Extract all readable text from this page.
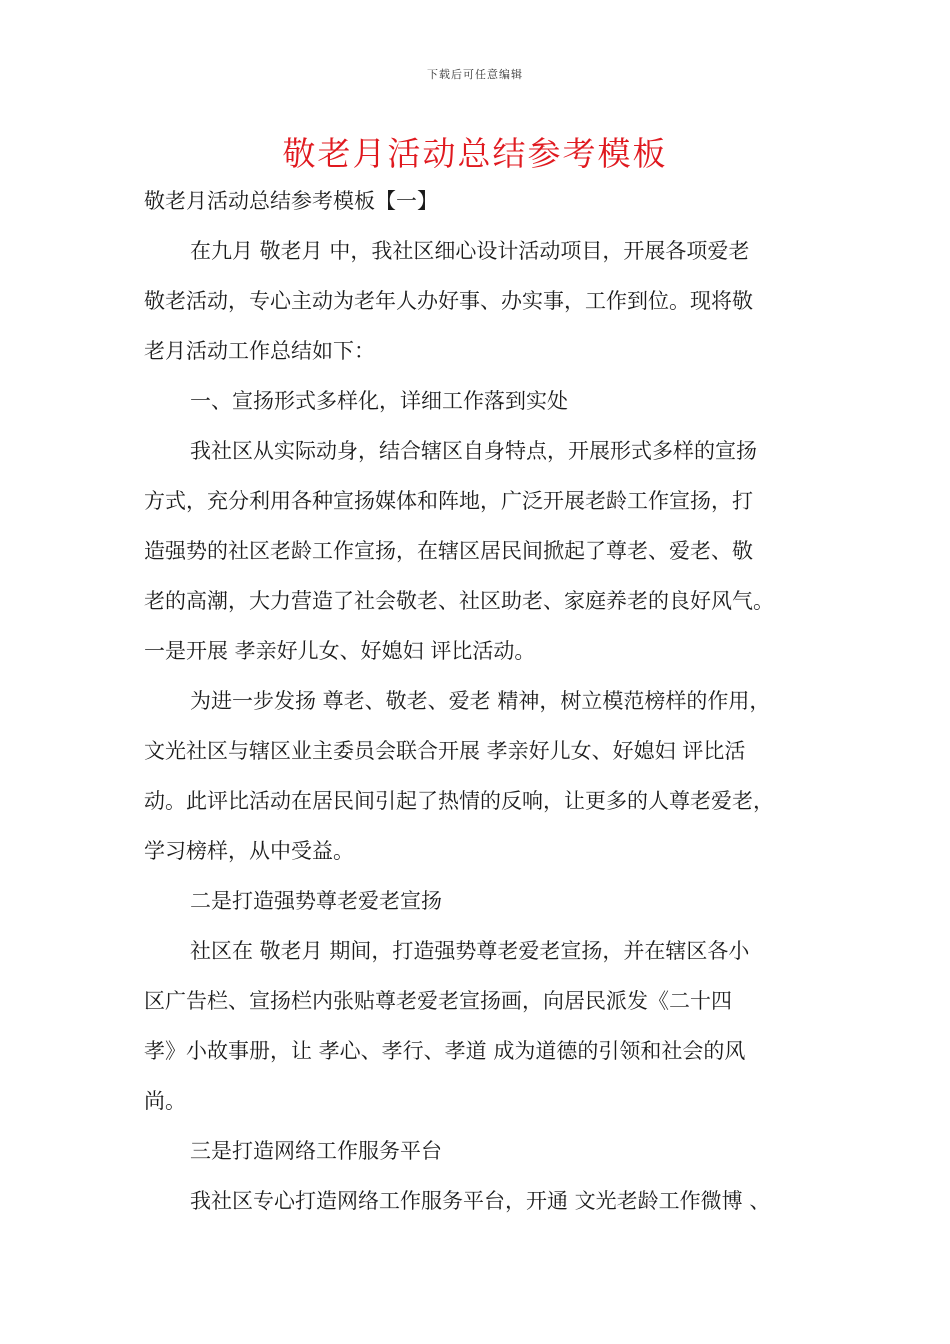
下载后可任意编辑
敬老月活动总结参考模板
敬老月活动总结参考模板【一】
在九月 敬老月 中，我社区细心设计活动项目，开展各项爱老
敬老活动，专心主动为老年人办好事、办实事，工作到位。现将敬
老月活动工作总结如下：
一、宣扬形式多样化，详细工作落到实处
我社区从实际动身，结合辖区自身特点，开展形式多样的宣扬
方式，充分利用各种宣扬媒体和阵地，广泛开展老龄工作宣扬，打
造强势的社区老龄工作宣扬，在辖区居民间掀起了尊老、爱老、敬
老的高潮，大力营造了社会敬老、社区助老、家庭养老的良好风气。
一是开展 孝亲好儿女、好媳妇 评比活动。
为进一步发扬 尊老、敬老、爱老 精神，树立模范榜样的作用，
文光社区与辖区业主委员会联合开展 孝亲好儿女、好媳妇 评比活
动。此评比活动在居民间引起了热情的反响，让更多的人尊老爱老，
学习榜样，从中受益。
二是打造强势尊老爱老宣扬
社区在 敬老月 期间，打造强势尊老爱老宣扬，并在辖区各小
区广告栏、宣扬栏内张贴尊老爱老宣扬画，向居民派发《二十四
孝》小故事册，让 孝心、孝行、孝道 成为道德的引领和社会的风
尚。
三是打造网络工作服务平台
我社区专心打造网络工作服务平台，开通 文光老龄工作微博 、
